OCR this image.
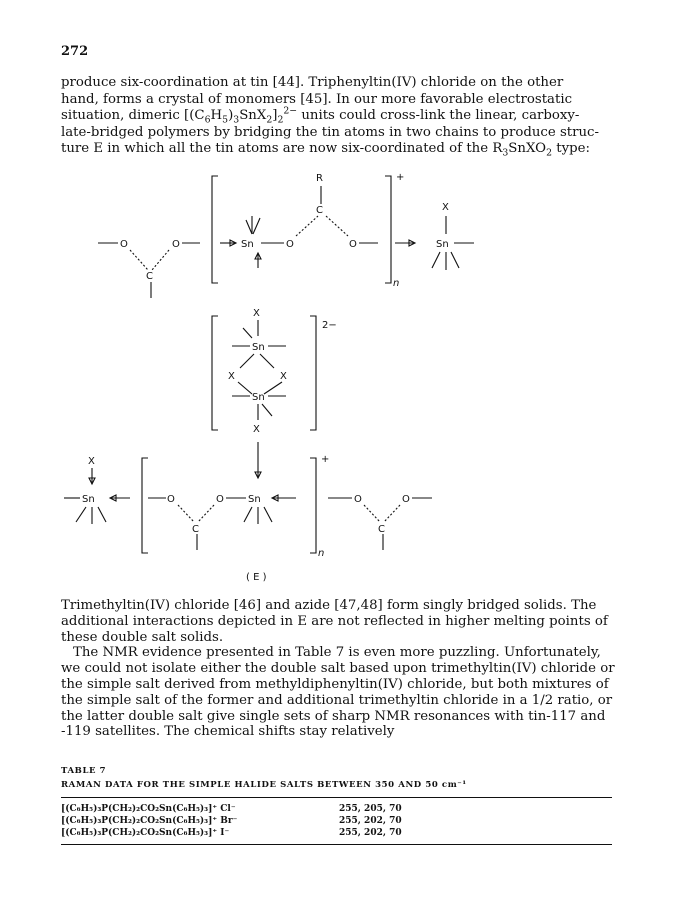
272

produce six-coordination at tin [44]. Triphenyltin(IV) chloride on the other

hand, forms a crystal of monomers [45]. In our more favorable electrostatic

situation, dimeric $[(C_6H_5)_3SnX_2]_2^{2-}$ units could cross-link the linear, carboxy-

late-bridged polymers by bridging the tin atoms in two chains to produce struc-

ture E in which all the tin atoms are now six-coordinated of the $R_3SnXO_2$ type:

O
C
O	Sn	O
C
R
O
+
n
X
Sn
2−
X
Sn
X	X
Sn
X
X
Sn	O
C
O Sn
+
n
O
C
O
( E )

Trimethyltin(IV) chloride [46] and azide [47,48] form singly bridged solids. The additional interactions depicted in E are not reflected in higher melting points of these double salt solids.

The NMR evidence presented in Table 7 is even more puzzling. Unfortunately, we could not isolate either the double salt based upon trimethyltin(IV) chloride or the simple salt derived from methyldiphenyltin(IV) chloride, but both mixtures of the simple salt of the former and additional trimethyltin chloride in a 1/2 ratio, or the latter double salt give single sets of sharp NMR resonances with tin-117 and -119 satellites. The chemical shifts stay relatively

TABLE 7
RAMAN DATA FOR THE SIMPLE HALIDE SALTS BETWEEN 350 AND 50 cm⁻¹
[(C₆H₅)₃P(CH₂)₂CO₂Sn(C₆H₅)₃]⁺ Cl⁻	255, 205, 70
[(C₆H₅)₃P(CH₂)₂CO₂Sn(C₆H₅)₃]⁺ Br⁻	255, 202, 70
[(C₆H₅)₃P(CH₂)₂CO₂Sn(C₆H₅)₃]⁺ I⁻	255, 202, 70
